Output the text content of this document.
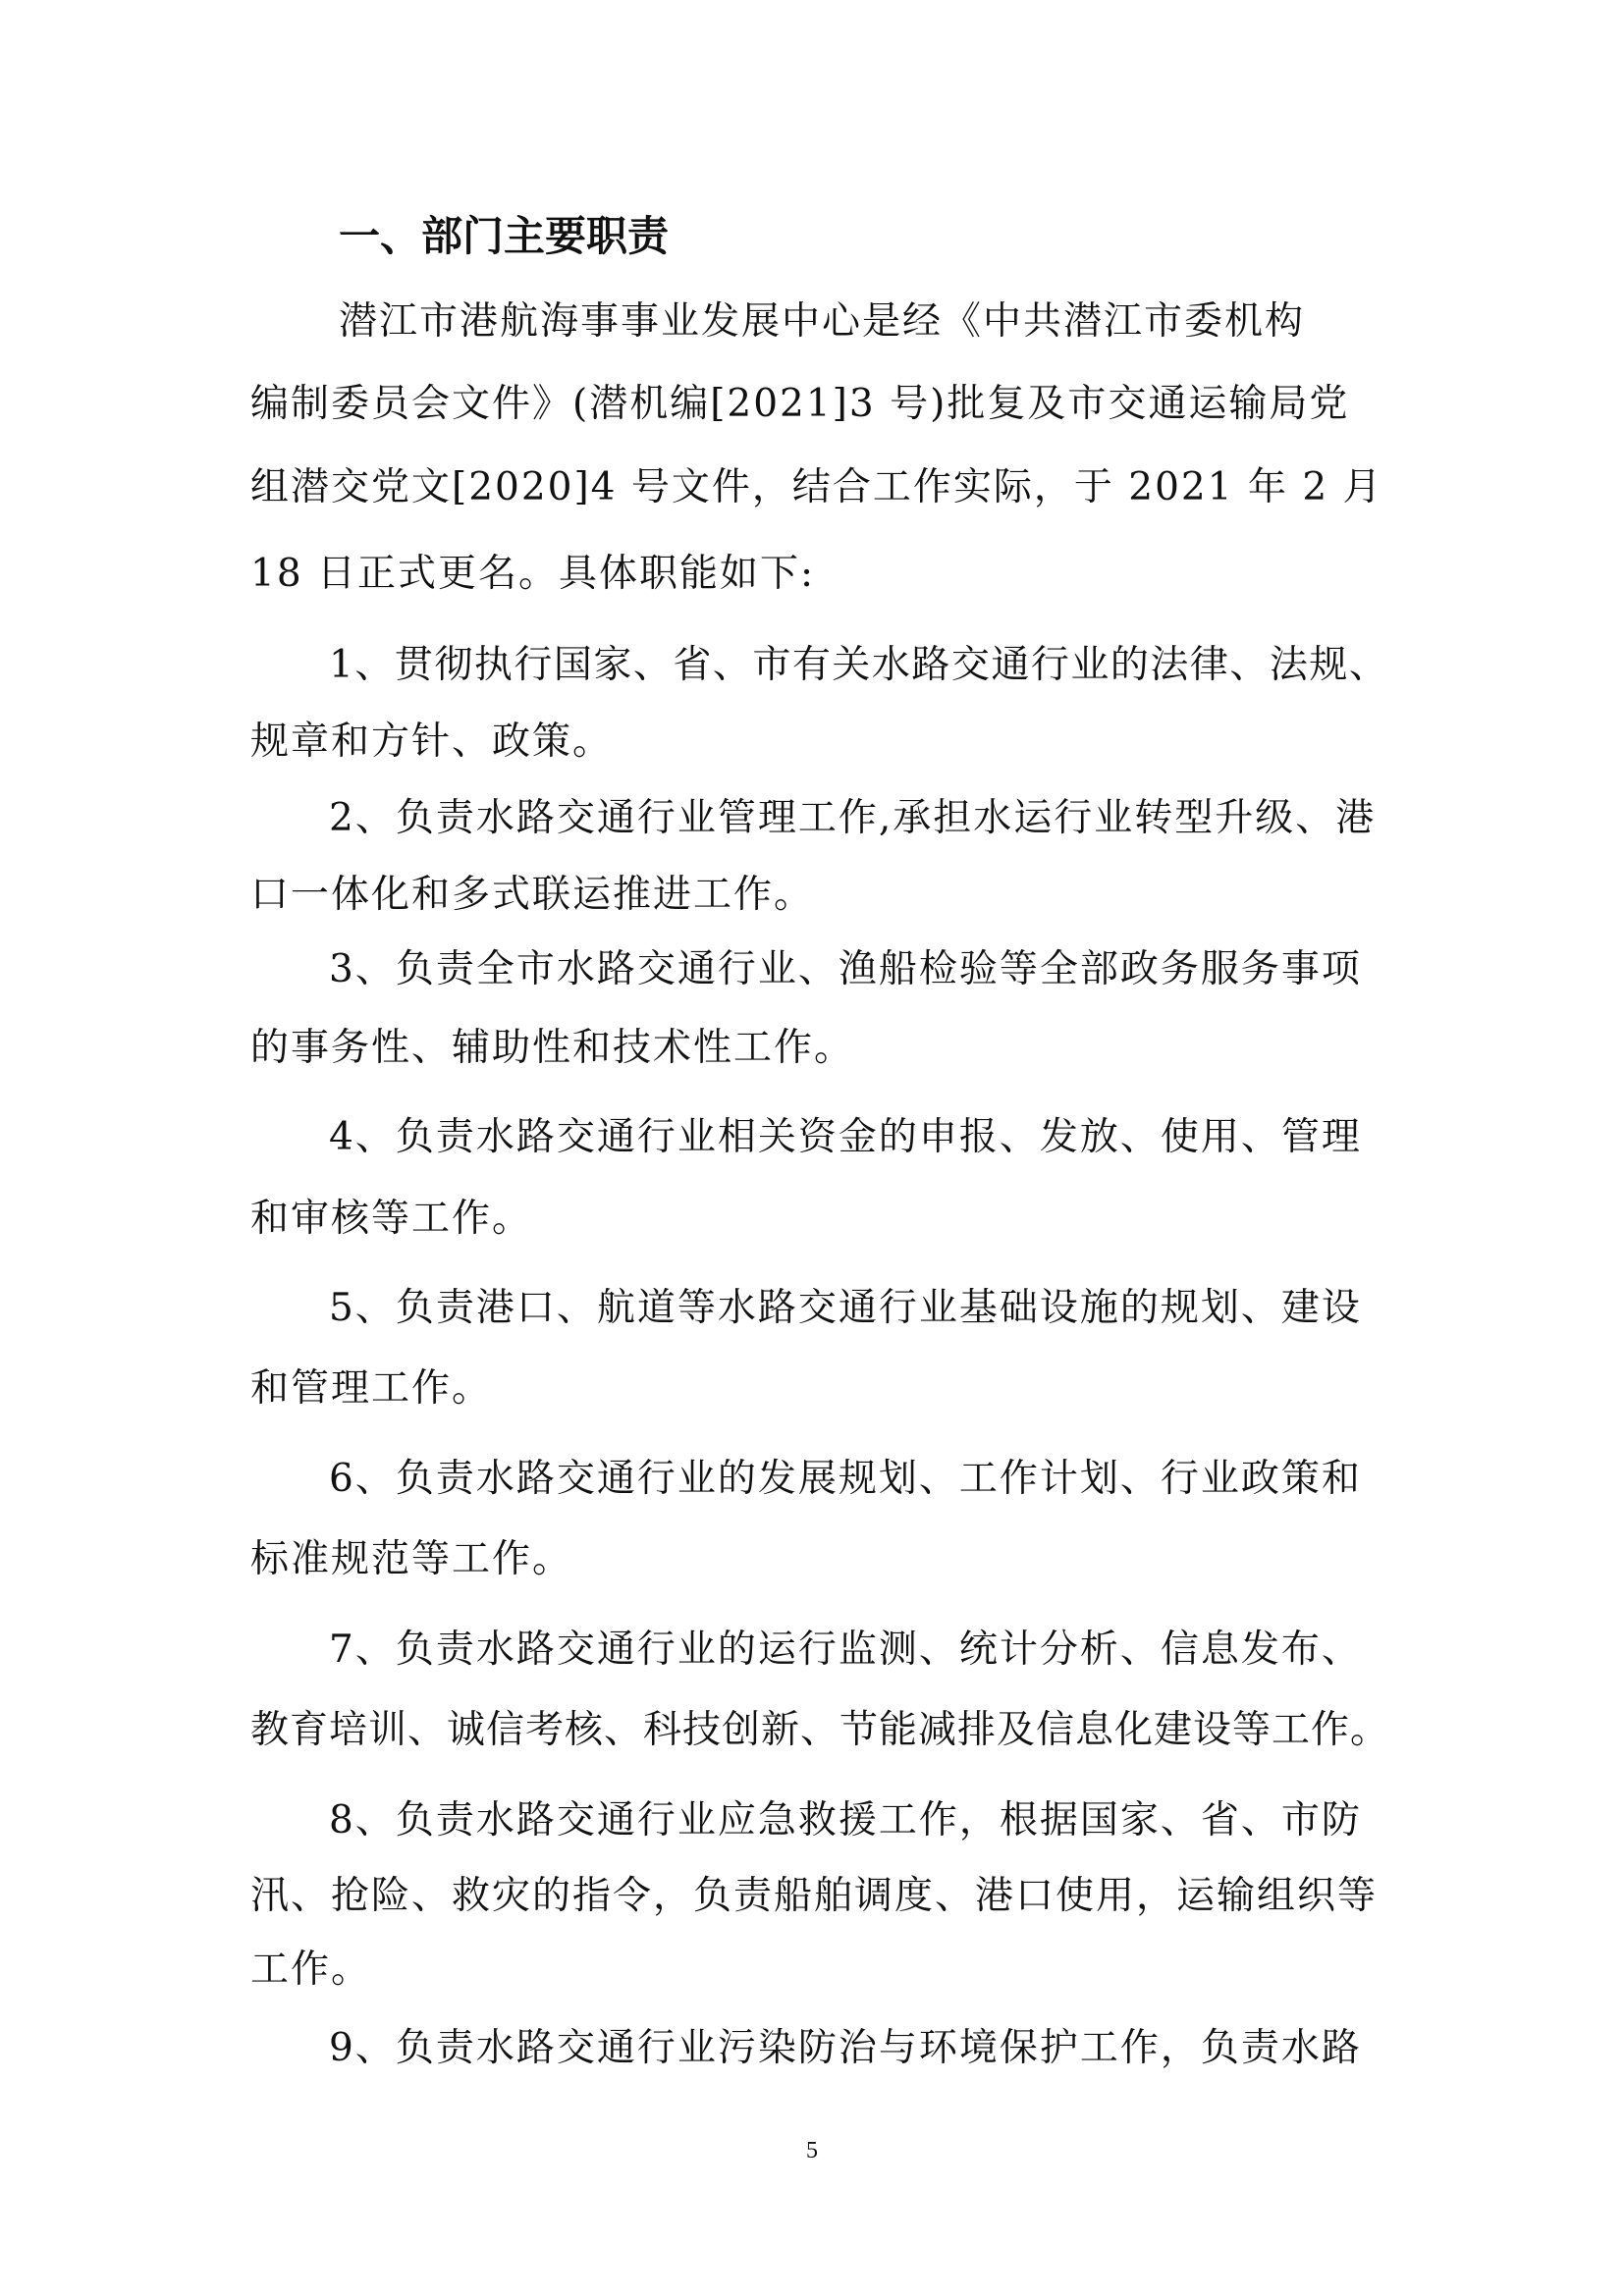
一、部门主要职责
潜江市港航海事事业发展中心是经《中共潜江市委机构
编制委员会文件》(潜机编[2021]3 号)批复及市交通运输局党
组潜交党文[2020]4 号文件，结合工作实际，于 2021 年 2 月
18 日正式更名。具体职能如下:
1、贯彻执行国家、省、市有关水路交通行业的法律、法规、
规章和方针、政策。
2、负责水路交通行业管理工作,承担水运行业转型升级、港
口一体化和多式联运推进工作。
3、负责全市水路交通行业、渔船检验等全部政务服务事项
的事务性、辅助性和技术性工作。
4、负责水路交通行业相关资金的申报、发放、使用、管理
和审核等工作。
5、负责港口、航道等水路交通行业基础设施的规划、建设
和管理工作。
6、负责水路交通行业的发展规划、工作计划、行业政策和
标准规范等工作。
7、负责水路交通行业的运行监测、统计分析、信息发布、
教育培训、诚信考核、科技创新、节能减排及信息化建设等工作。
8、负责水路交通行业应急救援工作，根据国家、省、市防
汛、抢险、救灾的指令，负责船舶调度、港口使用，运输组织等
工作。
9、负责水路交通行业污染防治与环境保护工作，负责水路
5
